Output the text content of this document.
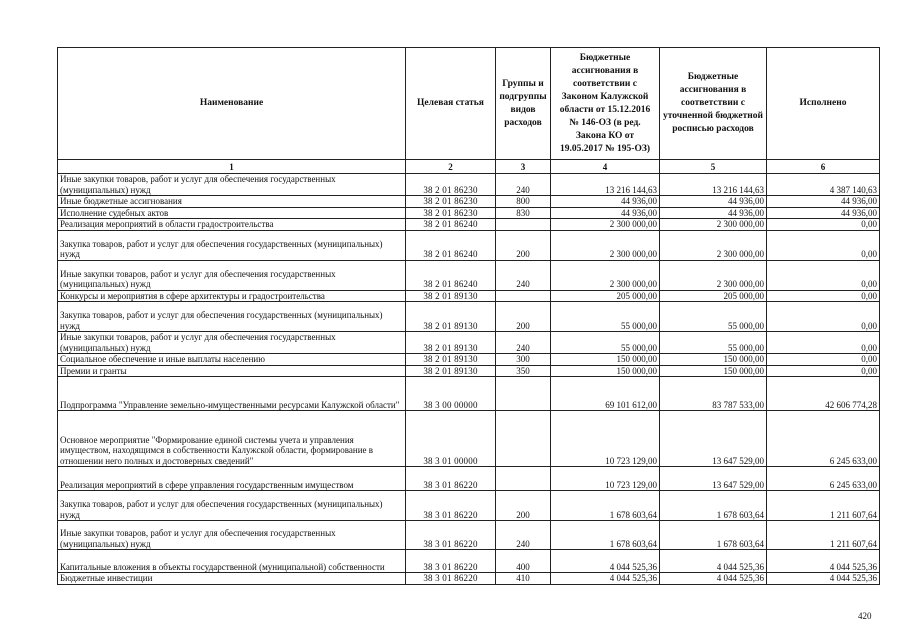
Наименование	Целевая статья	Группы и подгруппы видов расходов	Бюджетные ассигнования в соответствии с Законом Калужской области от 15.12.2016 № 146-ОЗ (в ред. Закона КО от 19.05.2017 № 195-ОЗ)	Бюджетные ассигнования в соответствии с уточненной бюджетной росписью расходов	Исполнено
1	2	3	4	5	6
Иные закупки товаров, работ и услуг для обеспечения государственных (муниципальных) нужд	38 2 01 86230	240	13 216 144,63	13 216 144,63	4 387 140,63
Иные бюджетные ассигнования	38 2 01 86230	800	44 936,00	44 936,00	44 936,00
Исполнение судебных актов	38 2 01 86230	830	44 936,00	44 936,00	44 936,00
Реализация мероприятий в области градостроительства	38 2 01 86240		2 300 000,00	2 300 000,00	0,00
Закупка товаров, работ и услуг для обеспечения государственных (муниципальных) нужд	38 2 01 86240	200	2 300 000,00	2 300 000,00	0,00
Иные закупки товаров, работ и услуг для обеспечения государственных (муниципальных) нужд	38 2 01 86240	240	2 300 000,00	2 300 000,00	0,00
Конкурсы и мероприятия в сфере архитектуры и градостроительства	38 2 01 89130		205 000,00	205 000,00	0,00
Закупка товаров, работ и услуг для обеспечения государственных (муниципальных) нужд	38 2 01 89130	200	55 000,00	55 000,00	0,00
Иные закупки товаров, работ и услуг для обеспечения государственных (муниципальных) нужд	38 2 01 89130	240	55 000,00	55 000,00	0,00
Социальное обеспечение и иные выплаты населению	38 2 01 89130	300	150 000,00	150 000,00	0,00
Премии и гранты	38 2 01 89130	350	150 000,00	150 000,00	0,00
Подпрограмма "Управление земельно-имущественными ресурсами Калужской области"	38 3 00 00000		69 101 612,00	83 787 533,00	42 606 774,28
Основное мероприятие "Формирование единой системы учета и управления имуществом, находящимся в собственности Калужской области, формирование в отношении него полных и достоверных сведений"	38 3 01 00000		10 723 129,00	13 647 529,00	6 245 633,00
Реализация мероприятий в сфере управления государственным имуществом	38 3 01 86220		10 723 129,00	13 647 529,00	6 245 633,00
Закупка товаров, работ и услуг для обеспечения государственных (муниципальных) нужд	38 3 01 86220	200	1 678 603,64	1 678 603,64	1 211 607,64
Иные закупки товаров, работ и услуг для обеспечения государственных (муниципальных) нужд	38 3 01 86220	240	1 678 603,64	1 678 603,64	1 211 607,64
Капитальные вложения в объекты государственной (муниципальной) собственности	38 3 01 86220	400	4 044 525,36	4 044 525,36	4 044 525,36
Бюджетные инвестиции	38 3 01 86220	410	4 044 525,36	4 044 525,36	4 044 525,36
420
